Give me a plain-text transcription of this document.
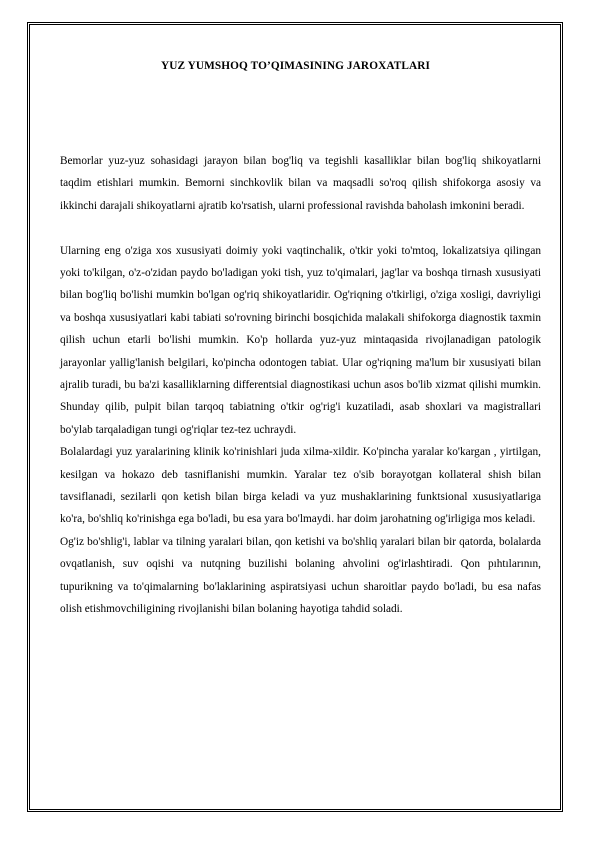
YUZ YUMSHOQ TO’QIMASINING JAROXATLARI

Bemorlar yuz-yuz sohasidagi jarayon bilan bog'liq va tegishli kasalliklar bilan bog'liq shikoyatlarni taqdim etishlari mumkin. Bemorni sinchkovlik bilan va maqsadli so'roq qilish shifokorga asosiy va ikkinchi darajali shikoyatlarni ajratib ko'rsatish, ularni professional ravishda baholash imkonini beradi.

Ularning eng o'ziga xos xususiyati doimiy yoki vaqtinchalik, o'tkir yoki to'mtoq, lokalizatsiya qilingan yoki to'kilgan, o'z-o'zidan paydo bo'ladigan yoki tish, yuz to'qimalari, jag'lar va boshqa tirnash xususiyati bilan bog'liq bo'lishi mumkin bo'lgan og'riq shikoyatlaridir. Og'riqning o'tkirligi, o'ziga xosligi, davriyligi va boshqa xususiyatlari kabi tabiati so'rovning birinchi bosqichida malakali shifokorga diagnostik taxmin qilish uchun etarli bo'lishi mumkin. Ko'p hollarda yuz-yuz mintaqasida rivojlanadigan patologik jarayonlar yallig'lanish belgilari, ko'pincha odontogen tabiat. Ular og'riqning ma'lum bir xususiyati bilan ajralib turadi, bu ba'zi kasalliklarning differentsial diagnostikasi uchun asos bo'lib xizmat qilishi mumkin. Shunday qilib, pulpit bilan tarqoq tabiatning o'tkir og'rig'i kuzatiladi, asab shoxlari va magistrallari bo'ylab tarqaladigan tungi og'riqlar tez-tez uchraydi.

Bolalardagi yuz yaralarining klinik ko'rinishlari juda xilma-xildir. Ko'pincha yaralar ko'kargan , yirtilgan, kesilgan va hokazo deb tasniflanishi mumkin. Yaralar tez o'sib borayotgan kollateral shish bilan tavsiflanadi, sezilarli qon ketish bilan birga keladi va yuz mushaklarining funktsional xususiyatlariga ko'ra, bo'shliq ko'rinishga ega bo'ladi, bu esa yara bo'lmaydi. har doim jarohatning og'irligiga mos keladi.

Og'iz bo'shlig'i, lablar va tilning yaralari bilan, qon ketishi va bo'shliq yaralari bilan bir qatorda, bolalarda ovqatlanish, suv oqishi va nutqning buzilishi bolaning ahvolini og'irlashtiradi. Qon pıhtılarının, tupurikning va to'qimalarning bo'laklarining aspiratsiyasi uchun sharoitlar paydo bo'ladi, bu esa nafas olish etishmovchiligining rivojlanishi bilan bolaning hayotiga tahdid soladi.
